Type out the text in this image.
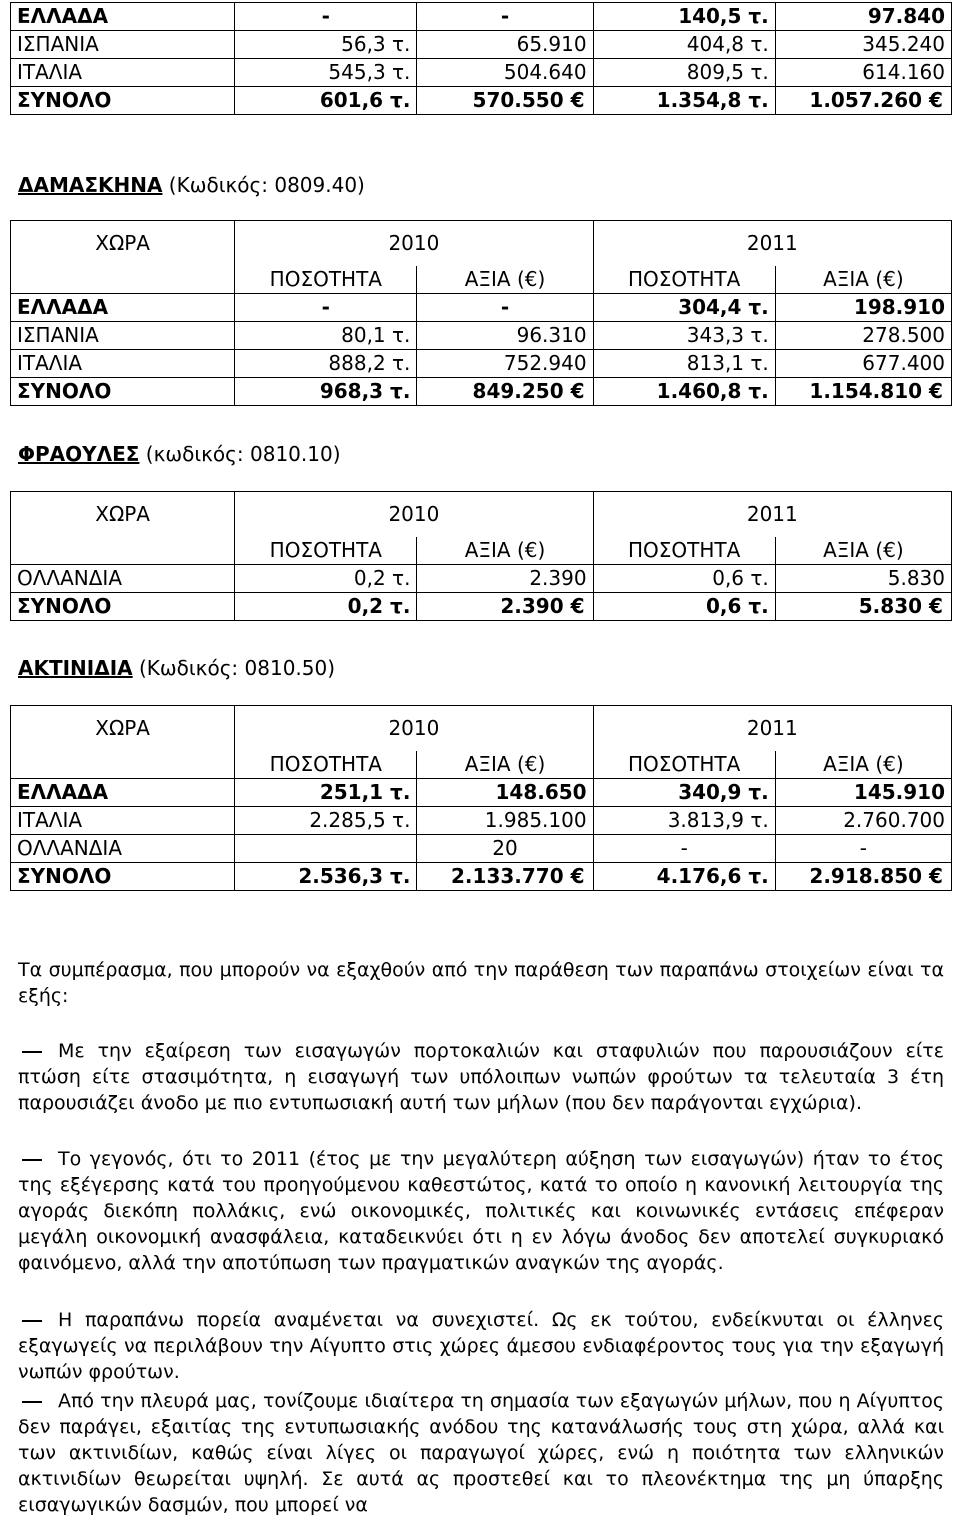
ΕΛΛΑΔΑ	-	-	140,5 τ.	97.840
ΙΣΠΑΝΙΑ	56,3 τ.	65.910	404,8 τ.	345.240
ΙΤΑΛΙΑ	545,3 τ.	504.640	809,5 τ.	614.160
ΣΥΝΟΛΟ	601,6 τ.	570.550 €	1.354,8 τ.	1.057.260 €
ΔΑΜΑΣΚΗΝΑ (Κωδικός: 0809.40)
ΧΩΡΑ	2010		2011	
	ΠΟΣΟΤΗΤΑ	ΑΞΙΑ (€)	ΠΟΣΟΤΗΤΑ	ΑΞΙΑ (€)
ΕΛΛΑΔΑ	-	-	304,4 τ.	198.910
ΙΣΠΑΝΙΑ	80,1 τ.	96.310	343,3 τ.	278.500
ΙΤΑΛΙΑ	888,2 τ.	752.940	813,1 τ.	677.400
ΣΥΝΟΛΟ	968,3 τ.	849.250 €	1.460,8 τ.	1.154.810 €
ΦΡΑΟΥΛΕΣ (κωδικός: 0810.10)
ΧΩΡΑ	2010		2011	
	ΠΟΣΟΤΗΤΑ	ΑΞΙΑ (€)	ΠΟΣΟΤΗΤΑ	ΑΞΙΑ (€)
ΟΛΛΑΝΔΙΑ	0,2 τ.	2.390	0,6 τ.	5.830
ΣΥΝΟΛΟ	0,2 τ.	2.390 €	0,6 τ.	5.830 €
ΑΚΤΙΝΙΔΙΑ (Κωδικός: 0810.50)
ΧΩΡΑ	2010		2011	
	ΠΟΣΟΤΗΤΑ	ΑΞΙΑ (€)	ΠΟΣΟΤΗΤΑ	ΑΞΙΑ (€)
ΕΛΛΑΔΑ	251,1 τ.	148.650	340,9 τ.	145.910
ΙΤΑΛΙΑ	2.285,5 τ.	1.985.100	3.813,9 τ.	2.760.700
ΟΛΛΑΝΔΙΑ		20	-	-
ΣΥΝΟΛΟ	2.536,3 τ.	2.133.770 €	4.176,6 τ.	2.918.850 €
Τα συμπέρασμα, που μπορούν να εξαχθούν από την παράθεση των παραπάνω στοιχείων είναι τα εξής:
Με την εξαίρεση των εισαγωγών πορτοκαλιών και σταφυλιών που παρουσιάζουν είτε πτώση είτε στασιμότητα, η εισαγωγή των υπόλοιπων νωπών φρούτων τα τελευταία 3 έτη παρουσιάζει άνοδο με πιο εντυπωσιακή αυτή των μήλων (που δεν παράγονται εγχώρια).
Το γεγονός, ότι το 2011 (έτος με την μεγαλύτερη αύξηση των εισαγωγών) ήταν το έτος της εξέγερσης κατά του προηγούμενου καθεστώτος, κατά το οποίο η κανονική λειτουργία της αγοράς διεκόπη πολλάκις, ενώ οικονομικές, πολιτικές και κοινωνικές εντάσεις επέφεραν μεγάλη οικονομική ανασφάλεια, καταδεικνύει ότι η εν λόγω άνοδος δεν αποτελεί συγκυριακό φαινόμενο, αλλά την αποτύπωση των πραγματικών αναγκών της αγοράς.
Η παραπάνω πορεία αναμένεται να συνεχιστεί. Ως εκ τούτου, ενδείκνυται οι έλληνες εξαγωγείς να περιλάβουν την Αίγυπτο στις χώρες άμεσου ενδιαφέροντος τους για την εξαγωγή νωπών φρούτων.
Από την πλευρά μας, τονίζουμε ιδιαίτερα τη σημασία των εξαγωγών μήλων, που η Αίγυπτος δεν παράγει, εξαιτίας της εντυπωσιακής ανόδου της κατανάλωσής τους στη χώρα, αλλά και των ακτινιδίων, καθώς είναι λίγες οι παραγωγοί χώρες, ενώ η ποιότητα των ελληνικών ακτινιδίων θεωρείται υψηλή. Σε αυτά ας προστεθεί και το πλεονέκτημα της μη ύπαρξης εισαγωγικών δασμών, που μπορεί να
